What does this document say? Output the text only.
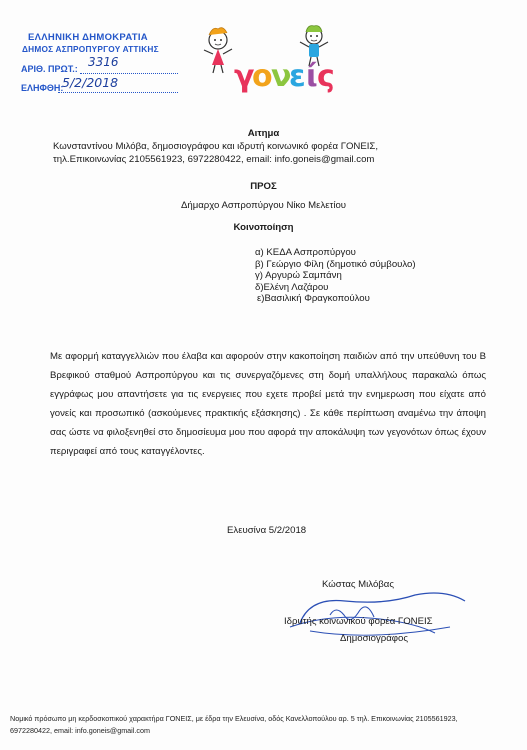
ΕΛΛΗΝΙΚΗ ΔΗΜΟΚΡΑΤΙΑ
ΔΗΜΟΣ ΑΣΠΡΟΠΥΡΓΟΥ ΑΤΤΙΚΗΣ
ΑΡΙΘ. ΠΡΩΤ.: 3316
ΕΛΗΦΘΗ:
5/2/2018	γ
ο
ν
ε ί ς
Αιτημα
Κωνσταντίνου Μιλόβα, δημοσιογράφου και ιδρυτή κοινωνικό φορέα ΓΟΝΕΙΣ,
τηλ.Επικοινωνίας 2105561923, 6972280422, email: info.goneis@gmail.com
ΠΡΟΣ
Δήμαρχο Ασπροπύργου Νίκο Μελετίου
Κοινοποίηση
α) ΚΕΔΑ Ασπροπύργου
β) Γεώργιο Φίλη (δημοτικό σύμβουλο)
γ) Αργυρώ Σαμπάνη
δ)Ελένη Λαζάρου
ε)Βασιλική Φραγκοπούλου

Με αφορμή καταγγελλιών που έλαβα και αφορούν στην κακοποίηση παιδιών από την υπεύθυνη του Β Βρεφικού σταθμού Ασπροπύργου και τις συνεργαζόμενες στη δομή υπαλλήλους παρακαλώ όπως εγγράφως μου απαντήσετε για τις ενεργειες που εχετε προβεί μετά την ενημερωση που είχατε από γονείς και προσωπικό (ασκούμενες πρακτικής εξάσκησης) . Σε κάθε περίπτωση αναμένω την άποψη σας ώστε να φιλοξενηθεί στο δημοσίευμα μου που αφορά την αποκάλυψη των γεγονότων όπως έχουν περιγραφεί από τους καταγγέλοντες.

Ελευσίνα 5/2/2018
Κώστας Μιλόβας
Ιδρυτής κοινωνικού φορέα ΓΟΝΕΙΣ
Δημοσιογράφος
Νομικό πρόσωπο μη κερδοσκοπικού χαρακτήρα ΓΟΝΕΙΣ, με έδρα την Ελευσίνα, οδός Κανελλοπούλου αρ. 5 τηλ. Επικοινωνίας 2105561923,
6972280422, email: info.goneis@gmail.com
